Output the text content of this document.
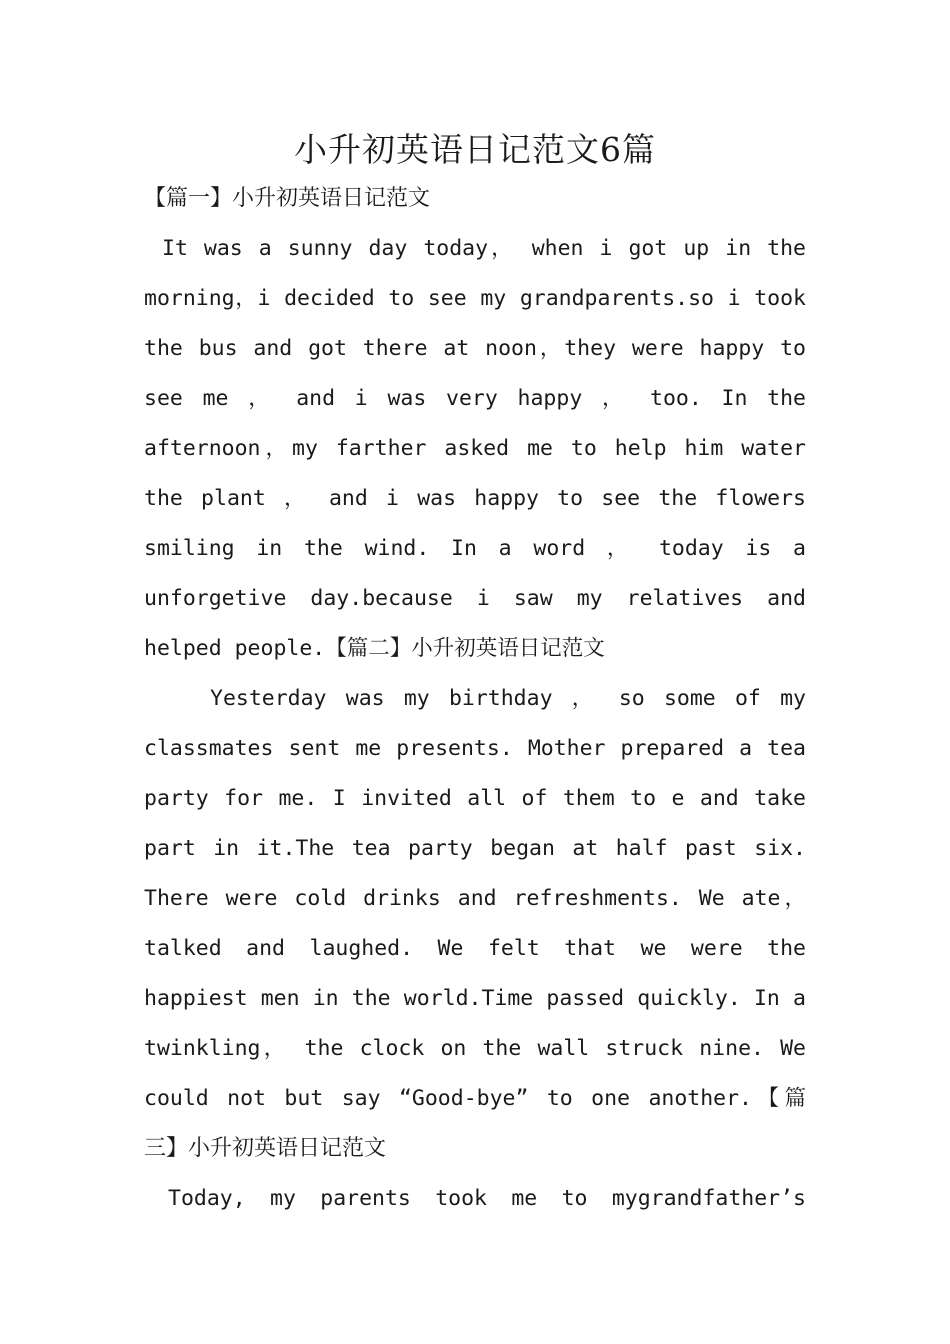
小升初英语日记范文6篇
【篇一】小升初英语日记范文
It was a sunny day today， when i got up in the
morning，i decided to see my grandparents.so i took
the bus and got there at noon，they were happy to
see me ， and i was very happy ， too. In the
afternoon，my farther asked me to help him water
the plant ， and i was happy to see the flowers
smiling in the wind. In a word ， today is a
unforgetive day.because i saw my relatives and
helped people.【篇二】小升初英语日记范文
Yesterday was my birthday ， so some of my
classmates sent me presents. Mother prepared a tea
party for me. I invited all of them to e and take
part in it.The tea party began at half past six.
There were cold drinks and refreshments. We ate，
talked and laughed. We felt that we were the
happiest men in the world.Time passed quickly. In a
twinkling， the clock on the wall struck nine. We
could not but say “Good-bye” to one another.【篇
三】小升初英语日记范文
Today, my parents took me to mygrandfather’s
